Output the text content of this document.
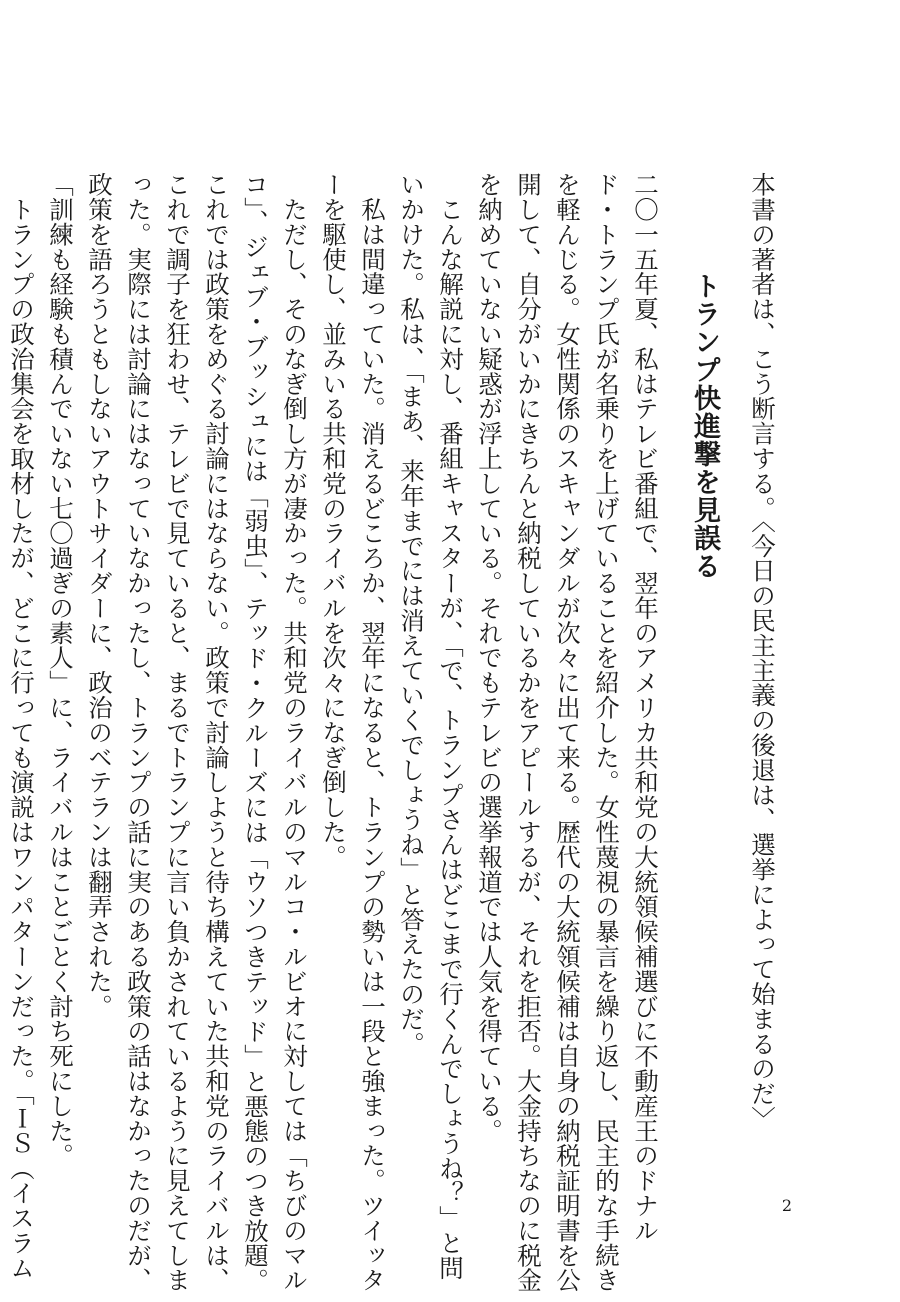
本書の著者は、こう断言する。〈今日の民主主義の後退は、選挙によって始まるのだ〉
トランプ快進撃を見誤る
二〇一五年夏、私はテレビ番組で、翌年のアメリカ共和党の大統領候補選びに不動産王のドナル
ド・トランプ氏が名乗りを上げていることを紹介した。女性蔑視の暴言を繰り返し、民主的な手続き
を軽んじる。女性関係のスキャンダルが次々に出て来る。歴代の大統領候補は自身の納税証明書を公
開して、自分がいかにきちんと納税しているかをアピールするが、それを拒否。大金持ちなのに税金
を納めていない疑惑が浮上している。それでもテレビの選挙報道では人気を得ている。
　こんな解説に対し、番組キャスターが、「で、トランプさんはどこまで行くんでしょうね？」と問
いかけた。私は、「まあ、来年までには消えていくでしょうね」と答えたのだ。
　私は間違っていた。消えるどころか、翌年になると、トランプの勢いは一段と強まった。ツイッタ
ーを駆使し、並みいる共和党のライバルを次々になぎ倒した。
　ただし、そのなぎ倒し方が凄かった。共和党のライバルのマルコ・ルビオに対しては「ちびのマル
コ」、ジェブ・ブッシュには「弱虫」、テッド・クルーズには「ウソつきテッド」と悪態のつき放題。
これでは政策をめぐる討論にはならない。政策で討論しようと待ち構えていた共和党のライバルは、
これで調子を狂わせ、テレビで見ていると、まるでトランプに言い負かされているように見えてしま
った。実際には討論にはなっていなかったし、トランプの話に実のある政策の話はなかったのだが、
政策を語ろうともしないアウトサイダーに、政治のベテランは翻弄された。
「訓練も経験も積んでいない七〇過ぎの素人」に、ライバルはことごとく討ち死にした。
　トランプの政治集会を取材したが、どこに行っても演説はワンパターンだった。「ＩＳ（イスラム	2
